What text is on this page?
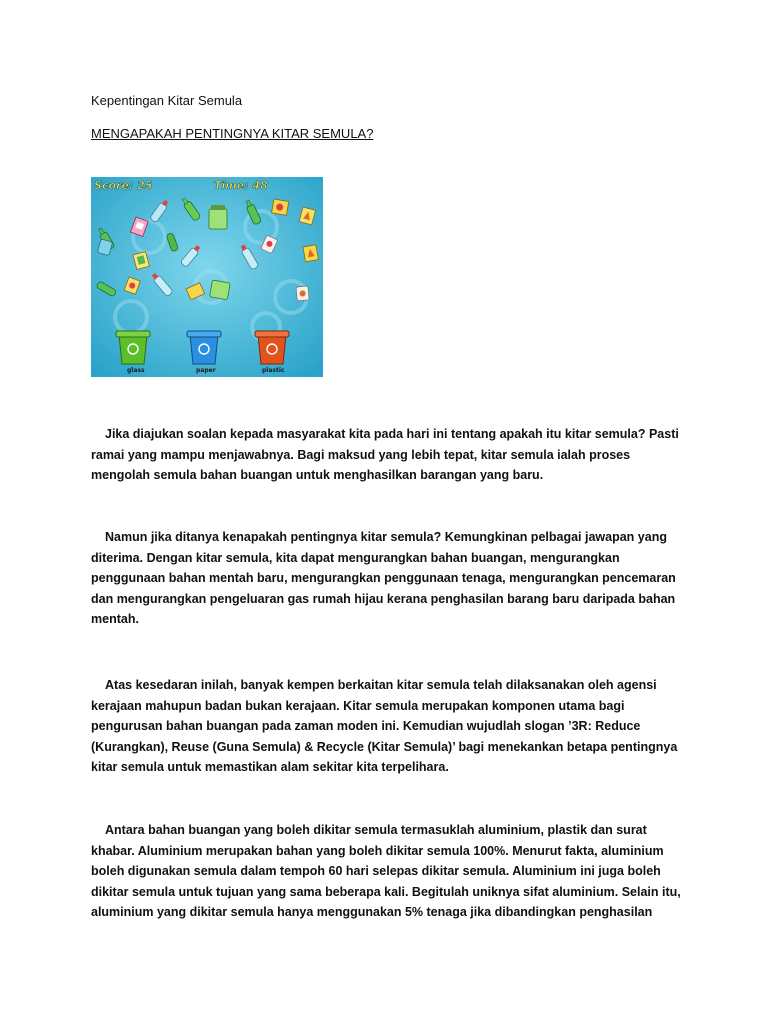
Kepentingan Kitar Semula
MENGAPAKAH PENTINGNYA KITAR SEMULA?
Score: 25	Time: 48
glass	paper	plastic

Jika diajukan soalan kepada masyarakat kita pada hari ini tentang apakah itu kitar semula? Pasti ramai yang mampu menjawabnya. Bagi maksud yang lebih tepat, kitar semula ialah proses mengolah semula bahan buangan untuk menghasilkan barangan yang baru.

Namun jika ditanya kenapakah pentingnya kitar semula? Kemungkinan pelbagai jawapan yang diterima. Dengan kitar semula, kita dapat mengurangkan bahan buangan, mengurangkan penggunaan bahan mentah baru, mengurangkan penggunaan tenaga, mengurangkan pencemaran dan mengurangkan pengeluaran gas rumah hijau kerana penghasilan barang baru daripada bahan mentah.

Atas kesedaran inilah, banyak kempen berkaitan kitar semula telah dilaksanakan oleh agensi kerajaan mahupun badan bukan kerajaan. Kitar semula merupakan komponen utama bagi pengurusan bahan buangan pada zaman moden ini. Kemudian wujudlah slogan ’3R: Reduce (Kurangkan), Reuse (Guna Semula) & Recycle (Kitar Semula)’ bagi menekankan betapa pentingnya kitar semula untuk memastikan alam sekitar kita terpelihara.

Antara bahan buangan yang boleh dikitar semula termasuklah aluminium, plastik dan surat khabar. Aluminium merupakan bahan yang boleh dikitar semula 100%. Menurut fakta, aluminium boleh digunakan semula dalam tempoh 60 hari selepas dikitar semula. Aluminium ini juga boleh dikitar semula untuk tujuan yang sama beberapa kali. Begitulah uniknya sifat aluminium. Selain itu, aluminium yang dikitar semula hanya menggunakan 5% tenaga jika dibandingkan penghasilan
